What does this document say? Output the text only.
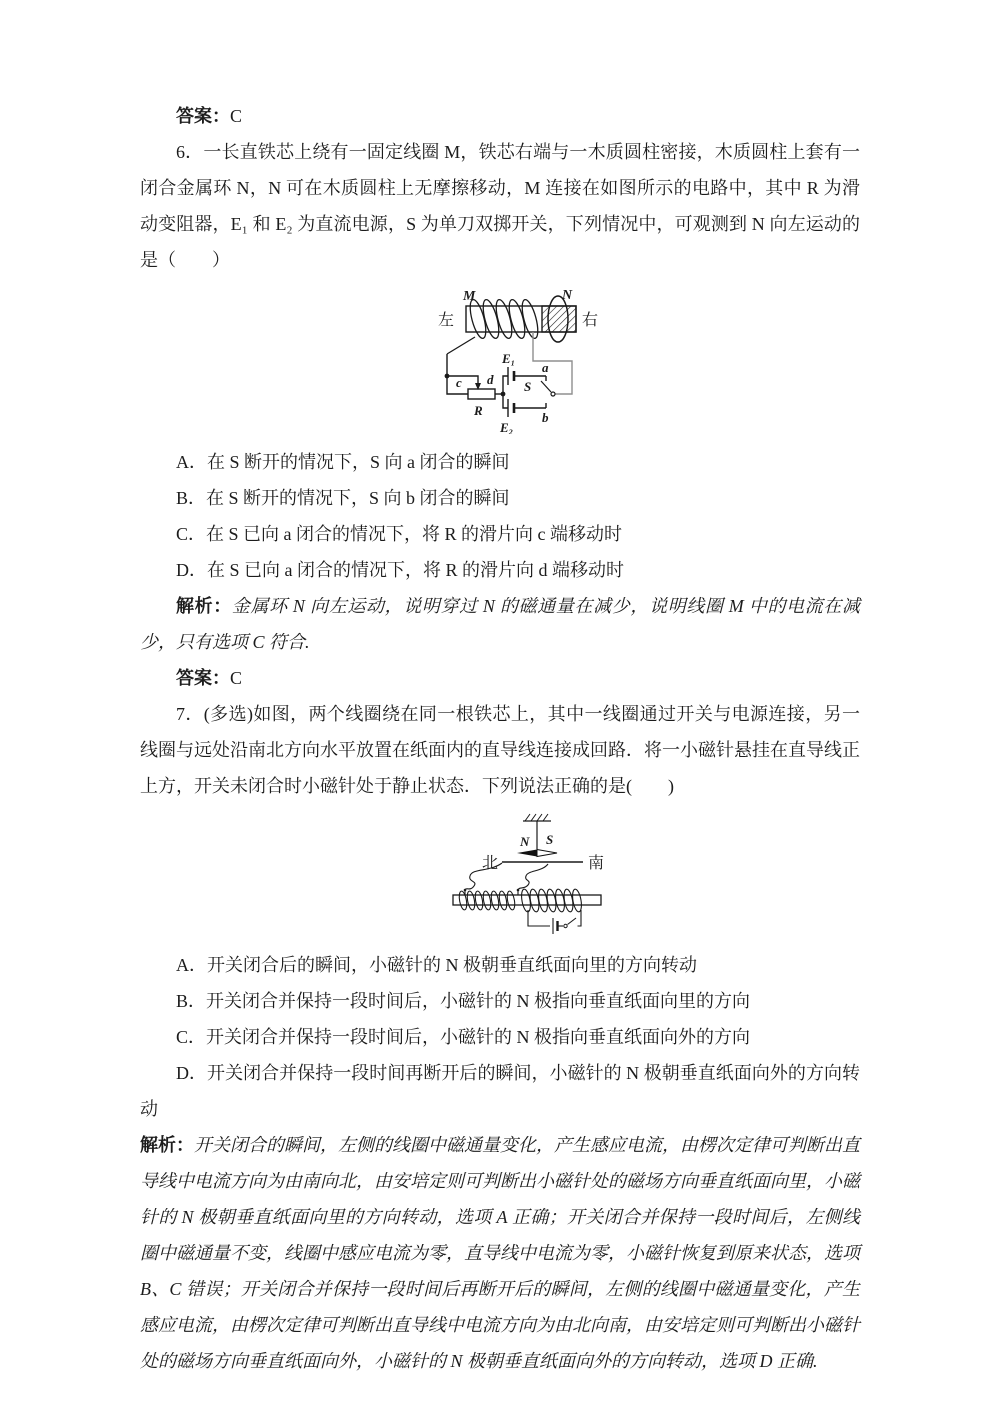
答案：C

6．一长直铁芯上绕有一固定线圈 M，铁芯右端与一木质圆柱密接，木质圆柱上套有一闭合金属环 N，N 可在木质圆柱上无摩擦移动，M 连接在如图所示的电路中，其中 R 为滑动变阻器，E₁ 和 E₂ 为直流电源，S 为单刀双掷开关，下列情况中，可观测到 N 向左运动的是（　　）

左	右
M	N
E₁
E₂
a
b
c d
R
S

A．在 S 断开的情况下，S 向 a 闭合的瞬间

B．在 S 断开的情况下，S 向 b 闭合的瞬间

C．在 S 已向 a 闭合的情况下，将 R 的滑片向 c 端移动时

D．在 S 已向 a 闭合的情况下，将 R 的滑片向 d 端移动时

解析：金属环 N 向左运动，说明穿过 N 的磁通量在减少，说明线圈 M 中的电流在减少，只有选项 C 符合.

答案：C

7．(多选)如图，两个线圈绕在同一根铁芯上，其中一线圈通过开关与电源连接，另一线圈与远处沿南北方向水平放置在纸面内的直导线连接成回路．将一小磁针悬挂在直导线正上方，开关未闭合时小磁针处于静止状态．下列说法正确的是(　　)

N S
北	南

A．开关闭合后的瞬间，小磁针的 N 极朝垂直纸面向里的方向转动

B．开关闭合并保持一段时间后，小磁针的 N 极指向垂直纸面向里的方向

C．开关闭合并保持一段时间后，小磁针的 N 极指向垂直纸面向外的方向

D．开关闭合并保持一段时间再断开后的瞬间，小磁针的 N 极朝垂直纸面向外的方向转动

解析：开关闭合的瞬间，左侧的线圈中磁通量变化，产生感应电流，由楞次定律可判断出直导线中电流方向为由南向北，由安培定则可判断出小磁针处的磁场方向垂直纸面向里，小磁针的 N 极朝垂直纸面向里的方向转动，选项 A 正确；开关闭合并保持一段时间后，左侧线圈中磁通量不变，线圈中感应电流为零，直导线中电流为零，小磁针恢复到原来状态，选项 B、C 错误；开关闭合并保持一段时间后再断开后的瞬间，左侧的线圈中磁通量变化，产生感应电流，由楞次定律可判断出直导线中电流方向为由北向南，由安培定则可判断出小磁针处的磁场方向垂直纸面向外，小磁针的 N 极朝垂直纸面向外的方向转动，选项 D 正确.
